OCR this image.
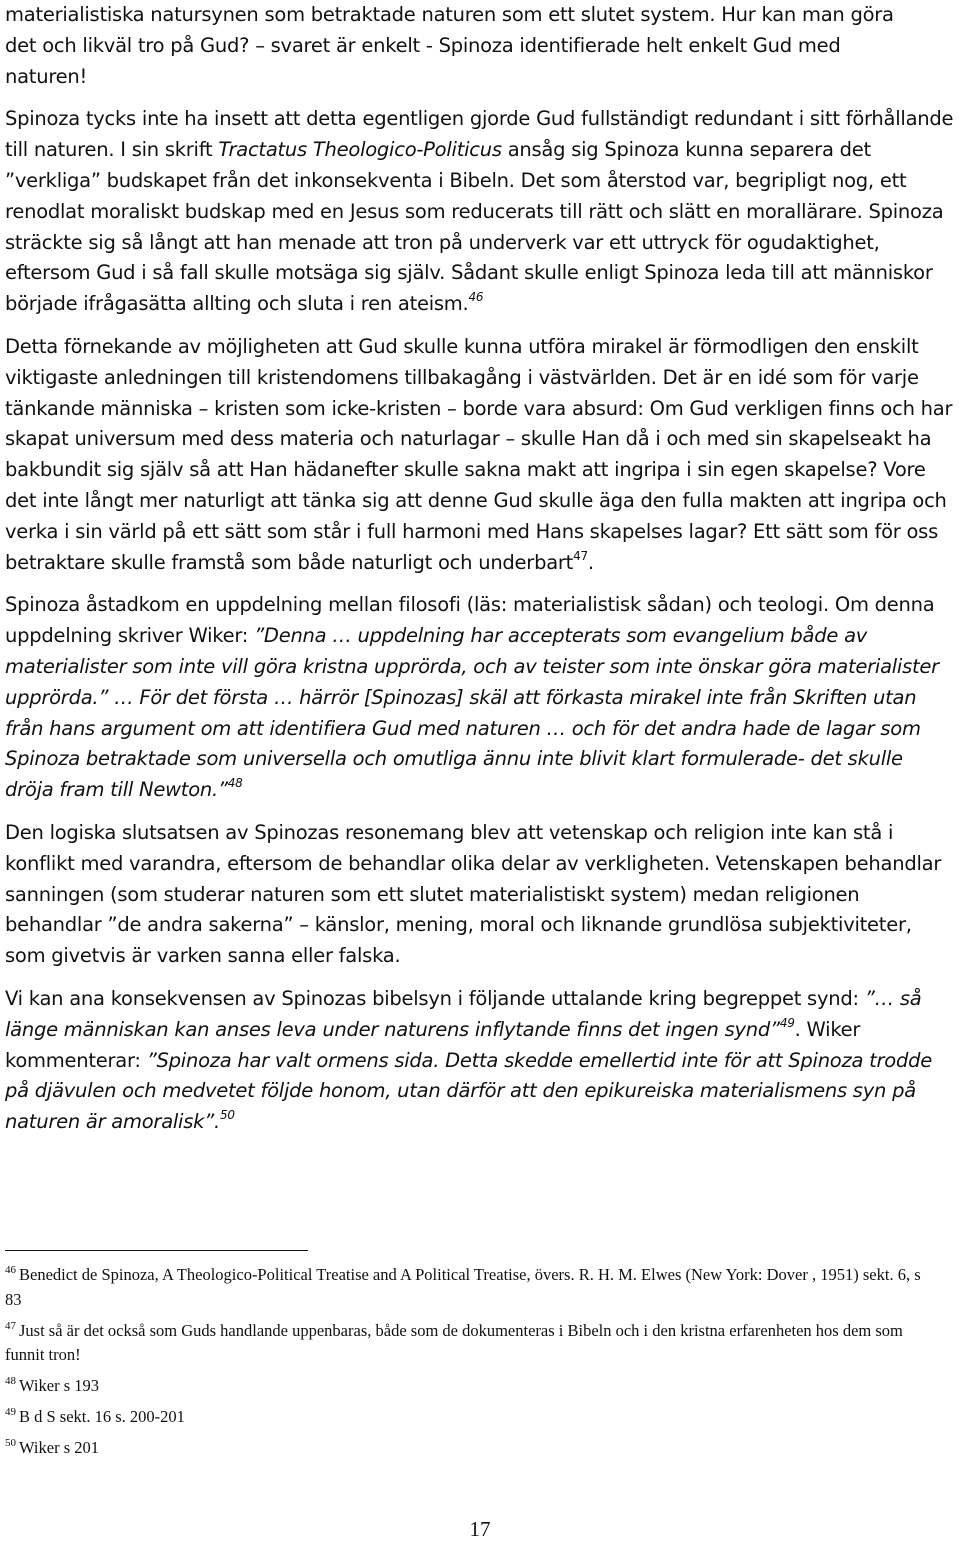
materialistiska natursynen som betraktade naturen som ett slutet system. Hur kan man göra

det och likväl tro på Gud? – svaret är enkelt - Spinoza identifierade helt enkelt Gud med

naturen!

Spinoza tycks inte ha insett att detta egentligen gjorde Gud fullständigt redundant i sitt förhållande till naturen. I sin skrift Tractatus Theologico-Politicus ansåg sig Spinoza kunna separera det ”verkliga” budskapet från det inkonsekventa i Bibeln. Det som återstod var, begripligt nog, ett renodlat moraliskt budskap med en Jesus som reducerats till rätt och slätt en morallärare. Spinoza sträckte sig så långt att han menade att tron på underverk var ett uttryck för ogudaktighet, eftersom Gud i så fall skulle motsäga sig själv. Sådant skulle enligt Spinoza leda till att människor började ifrågasätta allting och sluta i ren ateism.$^{46}$
Detta förnekande av möjligheten att Gud skulle kunna utföra mirakel är förmodligen den enskilt viktigaste anledningen till kristendomens tillbakagång i västvärlden. Det är en idé som för varje tänkande människa – kristen som icke-kristen – borde vara absurd: Om Gud verkligen finns och har skapat universum med dess materia och naturlagar – skulle Han då i och med sin skapelseakt ha bakbundit sig själv så att Han hädanefter skulle sakna makt att ingripa i sin egen skapelse? Vore det inte långt mer naturligt att tänka sig att denne Gud skulle äga den fulla makten att ingripa och verka i sin värld på ett sätt som står i full harmoni med Hans skapelses lagar? Ett sätt som för oss betraktare skulle framstå som både naturligt och underbart$^{47}$.
Spinoza åstadkom en uppdelning mellan filosofi (läs: materialistisk sådan) och teologi. Om denna uppdelning skriver Wiker: ”Denna … uppdelning har accepterats som evangelium både av materialister som inte vill göra kristna upprörda, och av teister som inte önskar göra materialister upprörda.” … För det första … härrör [Spinozas] skäl att förkasta mirakel inte från Skriften utan från hans argument om att identifiera Gud med naturen … och för det andra hade de lagar som Spinoza betraktade som universella och omutliga ännu inte blivit klart formulerade- det skulle dröja fram till Newton.”$^{48}$
Den logiska slutsatsen av Spinozas resonemang blev att vetenskap och religion inte kan stå i konflikt med varandra, eftersom de behandlar olika delar av verkligheten. Vetenskapen behandlar sanningen (som studerar naturen som ett slutet materialistiskt system) medan religionen behandlar ”de andra sakerna” – känslor, mening, moral och liknande grundlösa subjektiviteter, som givetvis är varken sanna eller falska.
Vi kan ana konsekvensen av Spinozas bibelsyn i följande uttalande kring begreppet synd: ”… så länge människan kan anses leva under naturens inflytande finns det ingen synd”$^{49}$. Wiker kommenterar: ”Spinoza har valt ormens sida. Detta skedde emellertid inte för att Spinoza trodde på djävulen och medvetet följde honom, utan därför att den epikureiska materialismens syn på naturen är amoralisk”.$^{50}$
$^{46}$ Benedict de Spinoza, A Theologico-Political Treatise and A Political Treatise, övers. R. H. M. Elwes (New York: Dover , 1951) sekt. 6, s 83
$^{47}$ Just så är det också som Guds handlande uppenbaras, både som de dokumenteras i Bibeln och i den kristna erfarenheten hos dem som funnit tron!
$^{48}$ Wiker s 193
$^{49}$ B d S sekt. 16 s. 200-201
$^{50}$ Wiker s 201
17
